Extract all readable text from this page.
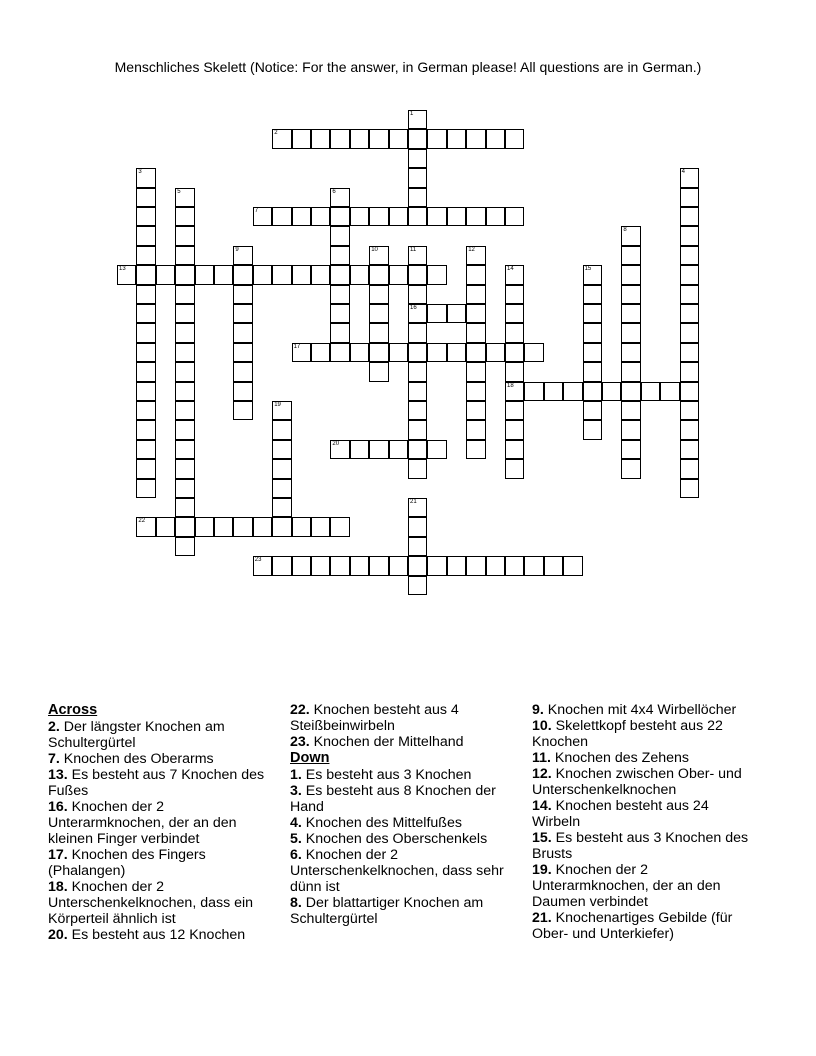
Menschliches Skelett (Notice: For the answer, in German please! All questions are in German.)
1
2
3	4
5	6
7
8
9	10	11
16
12
13	14
18
15
17
19
20
21
22
23
Across
2. Der längster Knochen am Schultergürtel
7. Knochen des Oberarms
13. Es besteht aus 7 Knochen des Fußes
16. Knochen der 2 Unterarmknochen, der an den kleinen Finger verbindet
17. Knochen des Fingers (Phalangen)
18. Knochen der 2 Unterschenkelknochen, dass ein Körperteil ähnlich ist
20. Es besteht aus 12 Knochen
22. Knochen besteht aus 4 Steißbeinwirbeln
23. Knochen der Mittelhand
Down
1. Es besteht aus 3 Knochen
3. Es besteht aus 8 Knochen der Hand
4. Knochen des Mittelfußes
5. Knochen des Oberschenkels
6. Knochen der 2 Unterschenkelknochen, dass sehr dünn ist
8. Der blattartiger Knochen am Schultergürtel
9. Knochen mit 4x4 Wirbellöcher
10. Skelettkopf besteht aus 22 Knochen
11. Knochen des Zehens
12. Knochen zwischen Ober- und Unterschenkelknochen
14. Knochen besteht aus 24 Wirbeln
15. Es besteht aus 3 Knochen des Brusts
19. Knochen der 2 Unterarmknochen, der an den Daumen verbindet
21. Knochenartiges Gebilde (für Ober- und Unterkiefer)
